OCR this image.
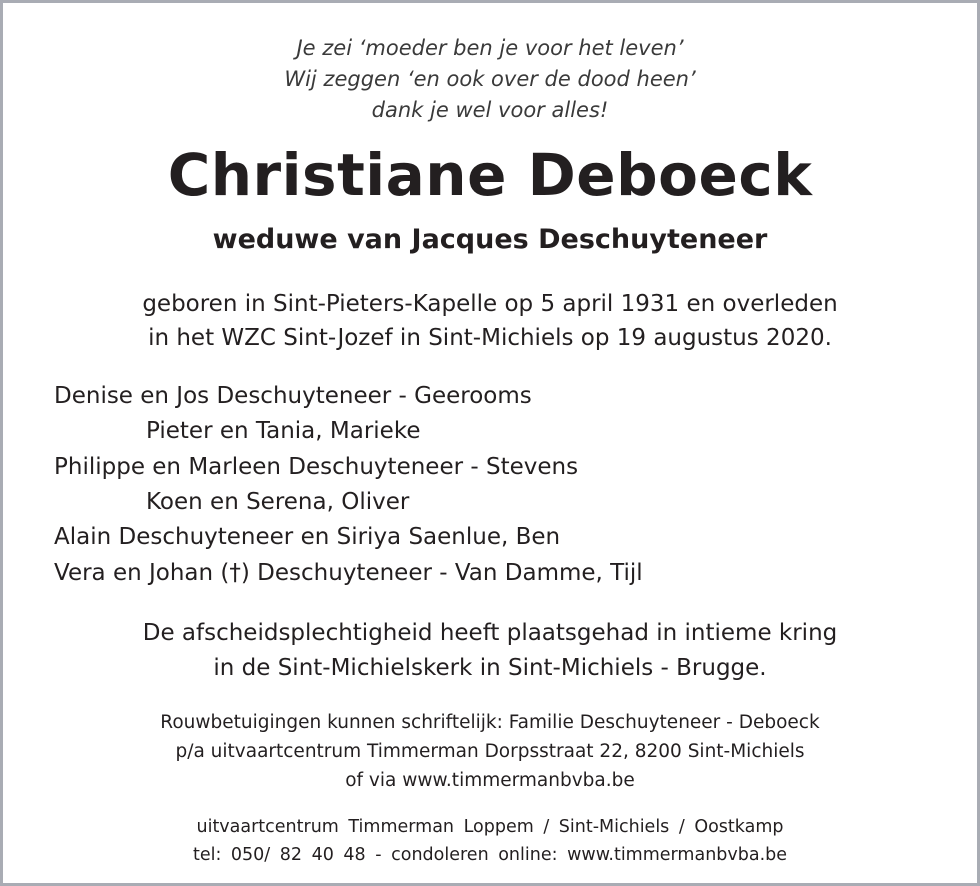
Je zei ‘moeder ben je voor het leven’
Wij zeggen ‘en ook over de dood heen’
dank je wel voor alles!
Christiane Deboeck
weduwe van Jacques Deschuyteneer
geboren in Sint-Pieters-Kapelle op 5 april 1931 en overleden
in het WZC Sint-Jozef in Sint-Michiels op 19 augustus 2020.
Denise en Jos Deschuyteneer - Geerooms
Pieter en Tania, Marieke
Philippe en Marleen Deschuyteneer - Stevens
Koen en Serena, Oliver
Alain Deschuyteneer en Siriya Saenlue, Ben
Vera en Johan (†) Deschuyteneer - Van Damme, Tijl
De afscheidsplechtigheid heeft plaatsgehad in intieme kring
in de Sint-Michielskerk in Sint-Michiels - Brugge.
Rouwbetuigingen kunnen schriftelijk: Familie Deschuyteneer - Deboeck
p/a uitvaartcentrum Timmerman Dorpsstraat 22, 8200 Sint-Michiels
of via www.timmermanbvba.be
uitvaartcentrum Timmerman Loppem / Sint-Michiels / Oostkamp
tel: 050/ 82 40 48 - condoleren online: www.timmermanbvba.be
